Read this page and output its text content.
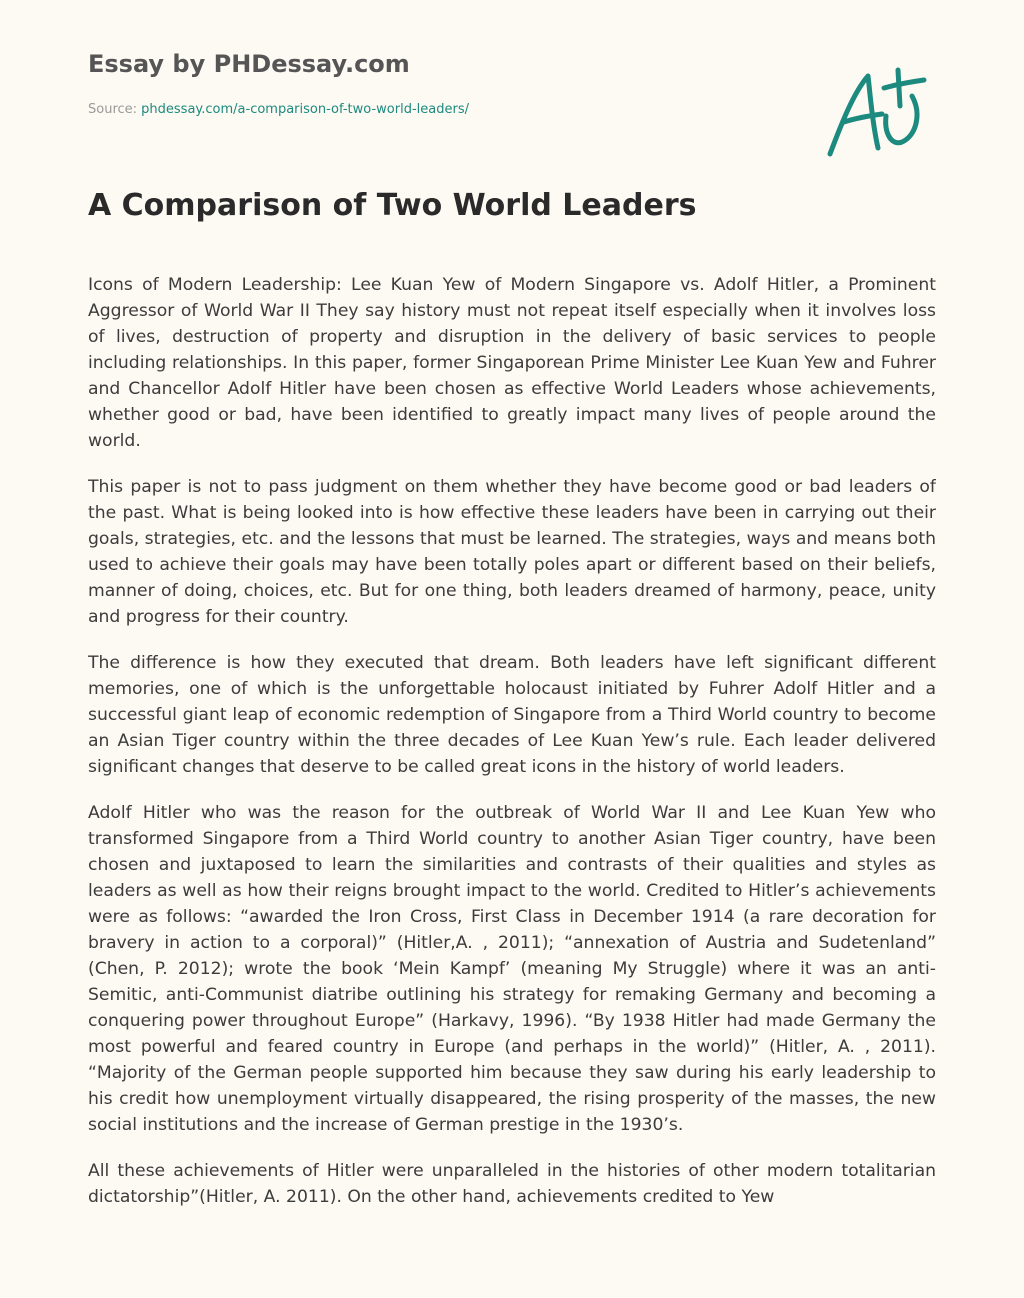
Essay by PHDessay.com
Source: phdessay.com/a-comparison-of-two-world-leaders/
A Comparison of Two World Leaders

Icons of Modern Leadership: Lee Kuan Yew of Modern Singapore vs. Adolf Hitler, a Prominent Aggressor of World War II They say history must not repeat itself especially when it involves loss of lives, destruction of property and disruption in the delivery of basic services to people including relationships. In this paper, former Singaporean Prime Minister Lee Kuan Yew and Fuhrer and Chancellor Adolf Hitler have been chosen as effective World Leaders whose achievements, whether good or bad, have been identified to greatly impact many lives of people around the world.

This paper is not to pass judgment on them whether they have become good or bad leaders of the past. What is being looked into is how effective these leaders have been in carrying out their goals, strategies, etc. and the lessons that must be learned. The strategies, ways and means both used to achieve their goals may have been totally poles apart or different based on their beliefs, manner of doing, choices, etc. But for one thing, both leaders dreamed of harmony, peace, unity and progress for their country.

The difference is how they executed that dream. Both leaders have left significant different memories, one of which is the unforgettable holocaust initiated by Fuhrer Adolf Hitler and a successful giant leap of economic redemption of Singapore from a Third World country to become an Asian Tiger country within the three decades of Lee Kuan Yew’s rule. Each leader delivered significant changes that deserve to be called great icons in the history of world leaders.

Adolf Hitler who was the reason for the outbreak of World War II and Lee Kuan Yew who transformed Singapore from a Third World country to another Asian Tiger country, have been chosen and juxtaposed to learn the similarities and contrasts of their qualities and styles as leaders as well as how their reigns brought impact to the world. Credited to Hitler’s achievements were as follows: “awarded the Iron Cross, First Class in December 1914 (a rare decoration for bravery in action to a corporal)” (Hitler,A. , 2011); “annexation of Austria and Sudetenland” (Chen, P. 2012); wrote the book ‘Mein Kampf’ (meaning My Struggle) where it was an anti-Semitic, anti-Communist diatribe outlining his strategy for remaking Germany and becoming a conquering power throughout Europe” (Harkavy, 1996). “By 1938 Hitler had made Germany the most powerful and feared country in Europe (and perhaps in the world)” (Hitler, A. , 2011). “Majority of the German people supported him because they saw during his early leadership to his credit how unemployment virtually disappeared, the rising prosperity of the masses, the new social institutions and the increase of German prestige in the 1930’s.

All these achievements of Hitler were unparalleled in the histories of other modern totalitarian dictatorship”(Hitler, A. 2011). On the other hand, achievements credited to Yew
